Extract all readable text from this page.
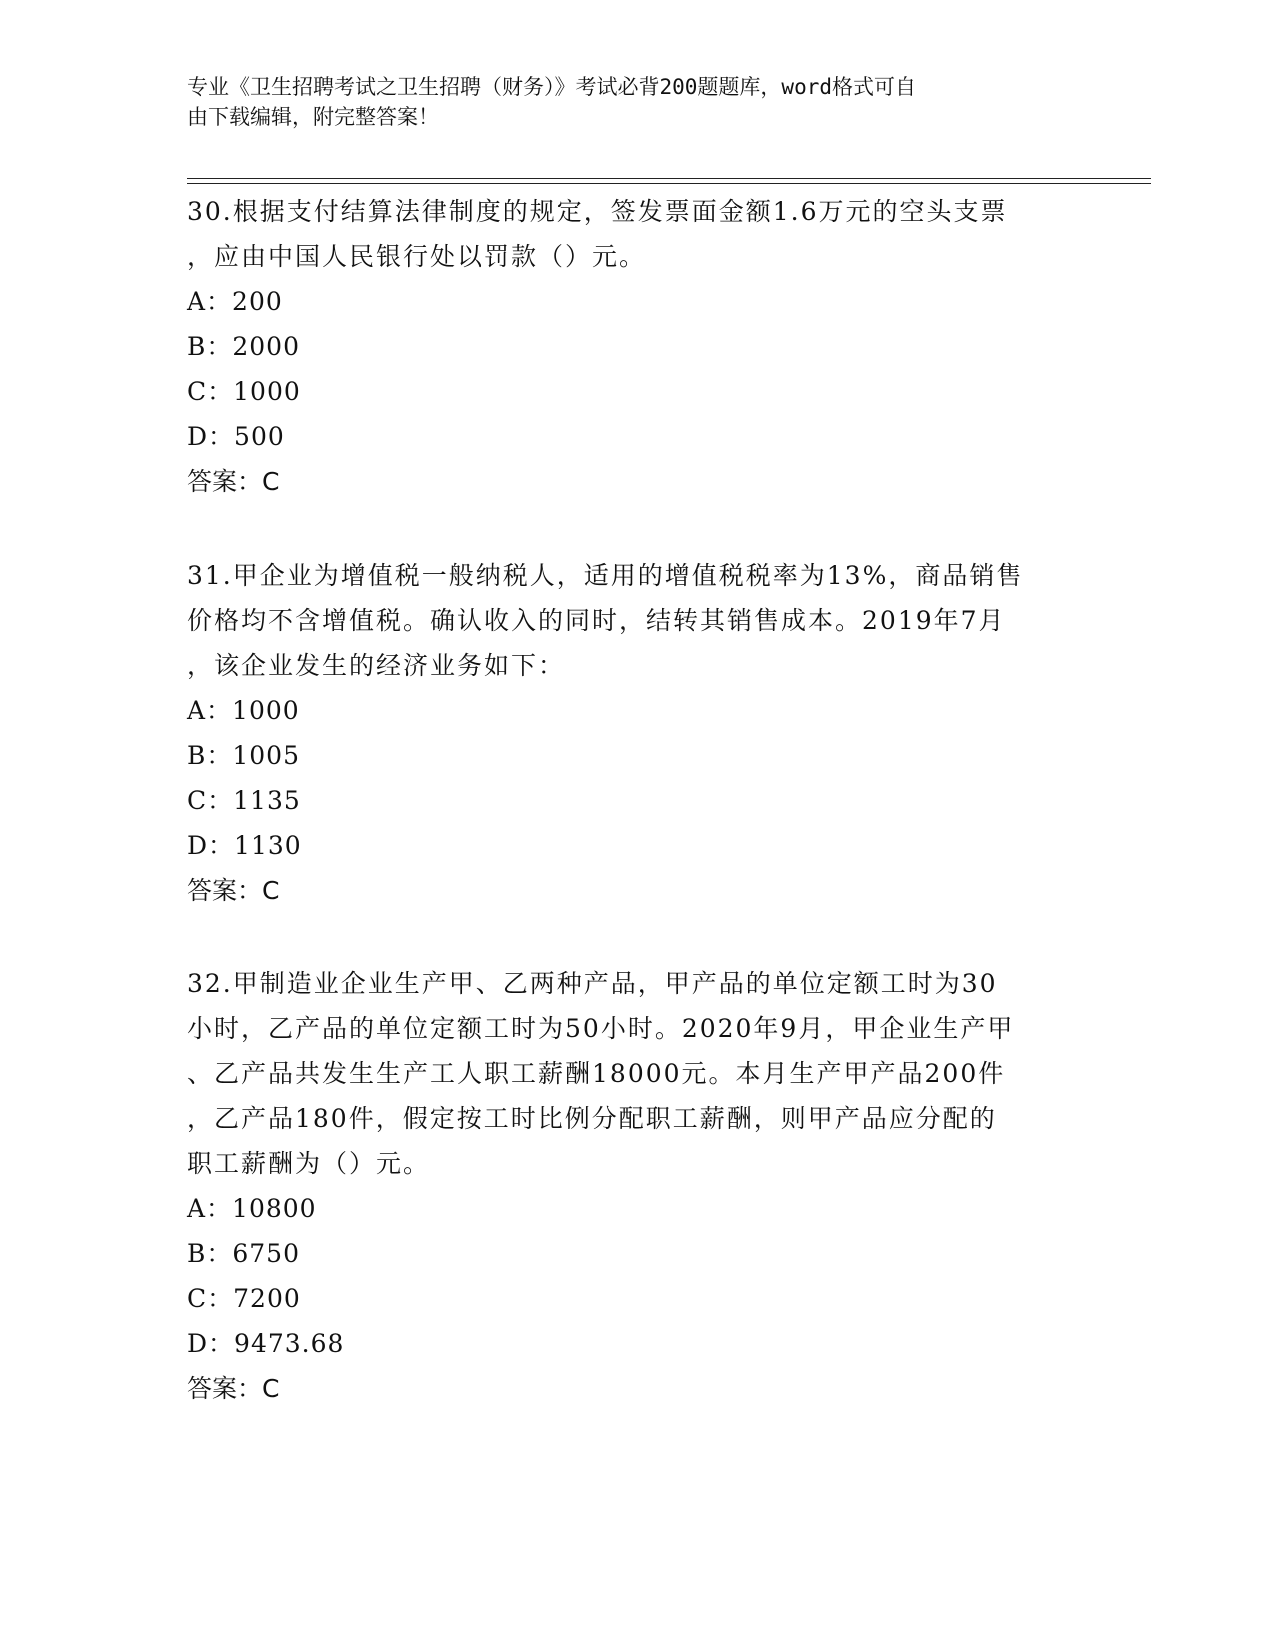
专业《卫生招聘考试之卫生招聘（财务）》考试必背200题题库，word格式可自
由下载编辑，附完整答案！
30.根据支付结算法律制度的规定，签发票面金额1.6万元的空头支票
，应由中国人民银行处以罚款（）元。
A：200
B：2000
C：1000
D：500
答案：C
31.甲企业为增值税一般纳税人，适用的增值税税率为13%，商品销售
价格均不含增值税。确认收入的同时，结转其销售成本。2019年7月
，该企业发生的经济业务如下：
A：1000
B：1005
C：1135
D：1130
答案：C
32.甲制造业企业生产甲、乙两种产品，甲产品的单位定额工时为30
小时，乙产品的单位定额工时为50小时。2020年9月，甲企业生产甲
、乙产品共发生生产工人职工薪酬18000元。本月生产甲产品200件
，乙产品180件，假定按工时比例分配职工薪酬，则甲产品应分配的
职工薪酬为（）元。
A：10800
B：6750
C：7200
D：9473.68
答案：C
